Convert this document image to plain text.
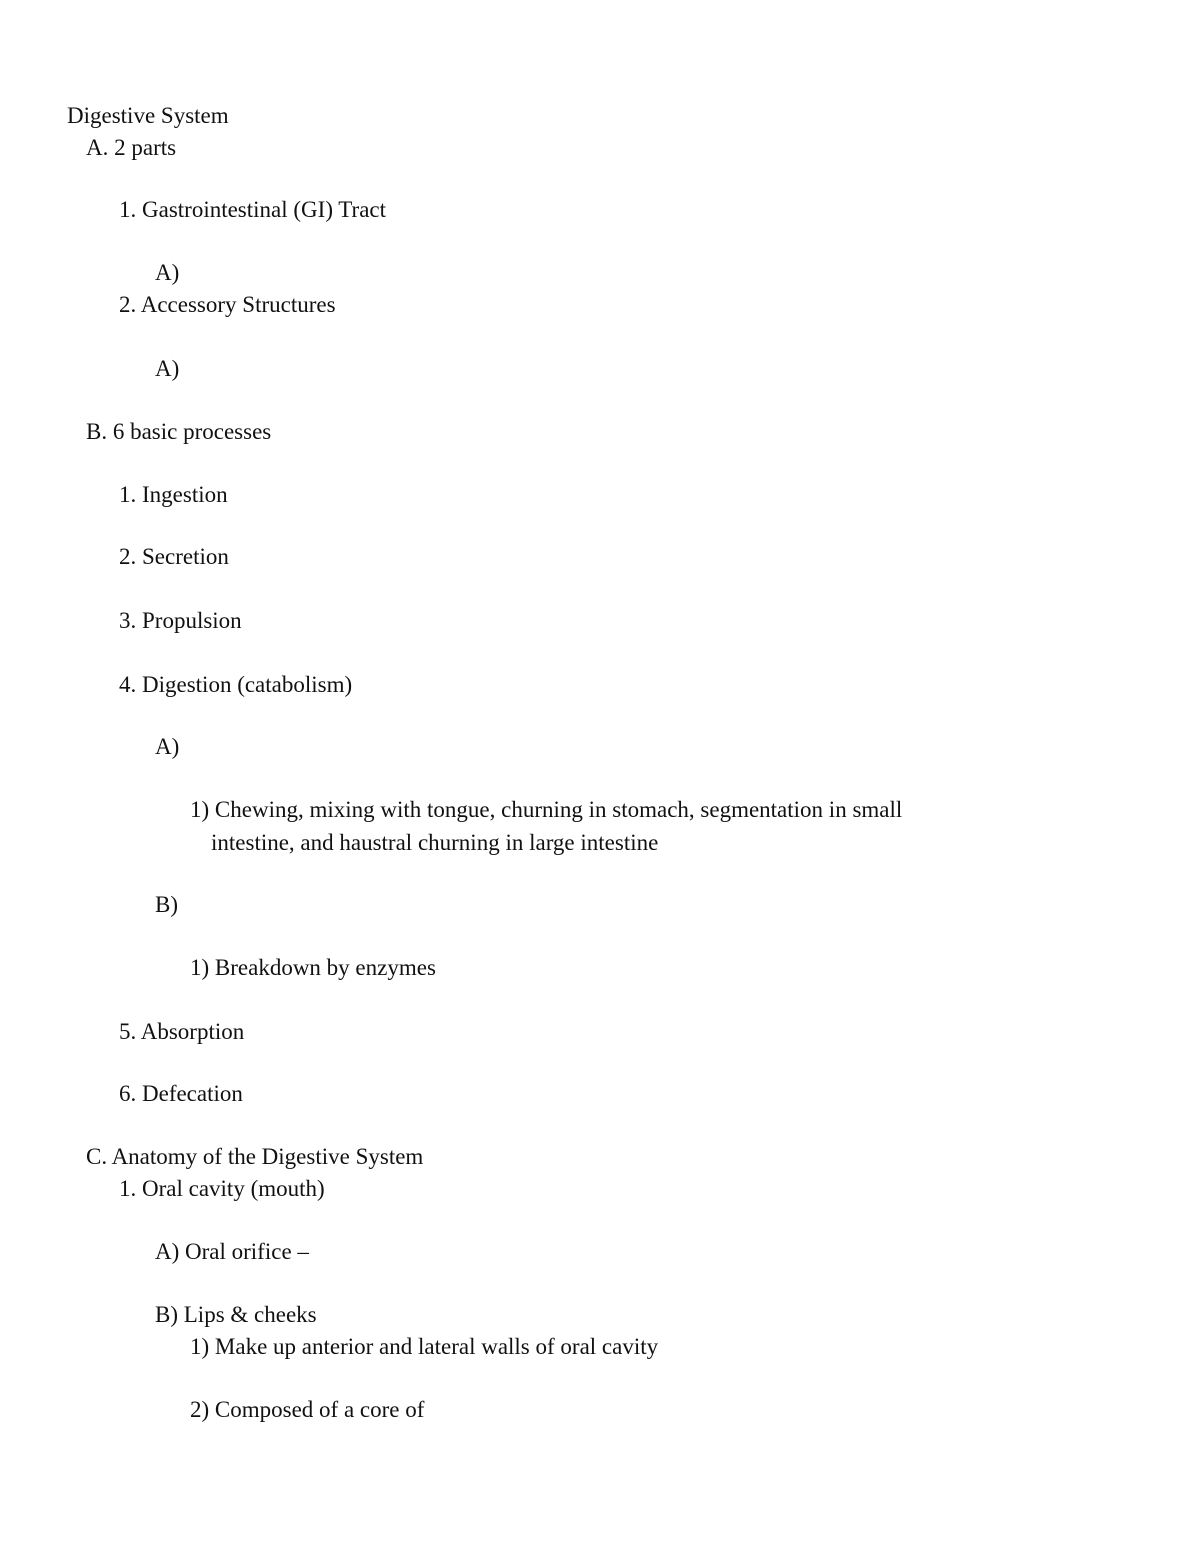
Digestive System
A. 2 parts
1. Gastrointestinal (GI) Tract
A)
2. Accessory Structures
A)
B. 6 basic processes
1. Ingestion
2. Secretion
3. Propulsion
4. Digestion (catabolism)
A)
1) Chewing, mixing with tongue, churning in stomach, segmentation in small
intestine, and haustral churning in large intestine
B)
1) Breakdown by enzymes
5. Absorption
6. Defecation
C. Anatomy of the Digestive System
1. Oral cavity (mouth)
A) Oral orifice –
B) Lips & cheeks
1) Make up anterior and lateral walls of oral cavity
2) Composed of a core of
